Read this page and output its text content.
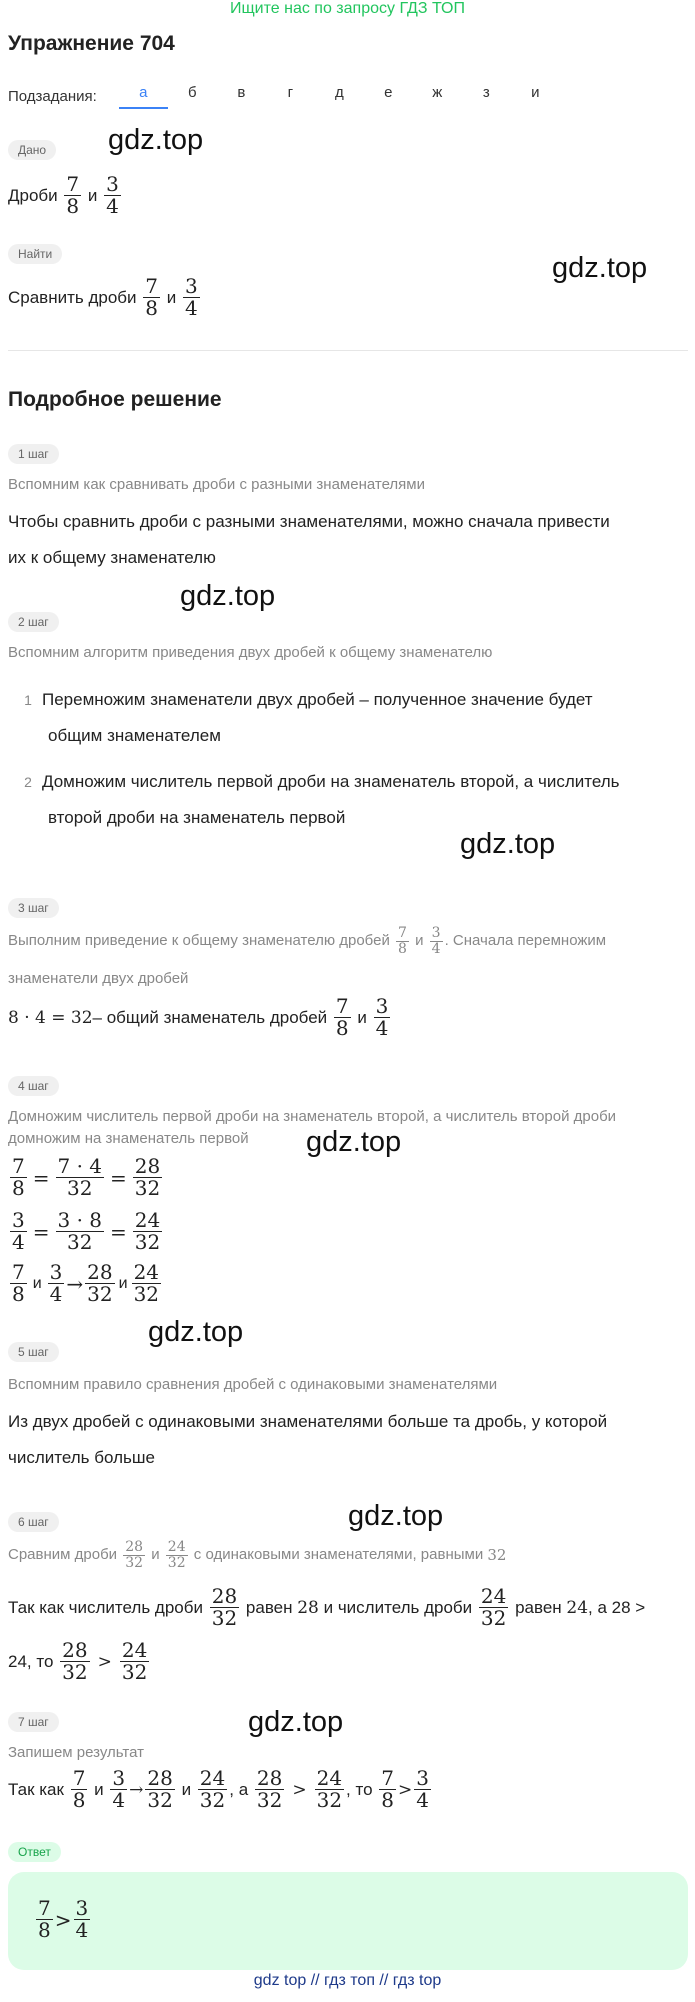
Ищите нас по запросу ГДЗ ТОП
Упражнение 704
Подзадания:	а	б	в	г	д	е	ж	з	и
gdz.top
gdz.top
gdz.top
gdz.top
gdz.top
gdz.top
gdz.top
gdz.top
Дано
Дроби
$\frac{7}{8}$
и
$\frac{3}{4}$
Найти
Сравнить дроби
$\frac{7}{8}$
и
$\frac{3}{4}$
Подробное решение
1 шаг
Вспомним как сравнивать дроби с разными знаменателями
Чтобы сравнить дроби с разными знаменателями, можно сначала привести
их к общему знаменателю
2 шаг
Вспомним алгоритм приведения двух дробей к общему знаменателю
1 Перемножим знаменатели двух дробей – полученное значение будет
общим знаменателем
2 Домножим числитель первой дроби на знаменатель второй, а числитель
второй дроби на знаменатель первой
3 шаг
Выполним приведение к общему знаменателю дробей
$\frac{7}{8}$
и
$\frac{3}{4}$ . Сначала перемножим
знаменатели двух дробей
8 · 4 = 32 – общий знаменатель дробей
$\frac{7}{8}$
и
$\frac{3}{4}$
4 шаг
Домножим числитель первой дроби на знаменатель второй, а числитель второй дроби
домножим на знаменатель первой
$\frac{7}{8} = \frac{7 \cdot 4}{32} = \frac{28}{32}$
$\frac{3}{4} = \frac{3 \cdot 8}{32} = \frac{24}{32}$
$\frac{7}{8}$ и $\frac{3}{4} \to \frac{28}{32}$ и $\frac{24}{32}$
5 шаг
Вспомним правило сравнения дробей с одинаковыми знаменателями
Из двух дробей с одинаковыми знаменателями больше та дробь, у которой
числитель больше
6 шаг
Сравним дроби
$\frac{28}{32}$
и
$\frac{24}{32}$
с одинаковыми знаменателями, равными
32
Так как числитель дроби
$\frac{28}{32}$
равен
28
и числитель дроби
$\frac{24}{32}$
равен
24 , а 28 >
24, то
$\frac{28}{32} > \frac{24}{32}$
7 шаг
Запишем результат
Так как
$\frac{7}{8}$
и
$\frac{3}{4} \to \frac{28}{32}$
и
$\frac{24}{32}$ , а
$\frac{28}{32} > \frac{24}{32}$ , то
$\frac{7}{8} > \frac{3}{4}$
Ответ
$\frac{7}{8} > \frac{3}{4}$
gdz top // гдз топ // гдз top
